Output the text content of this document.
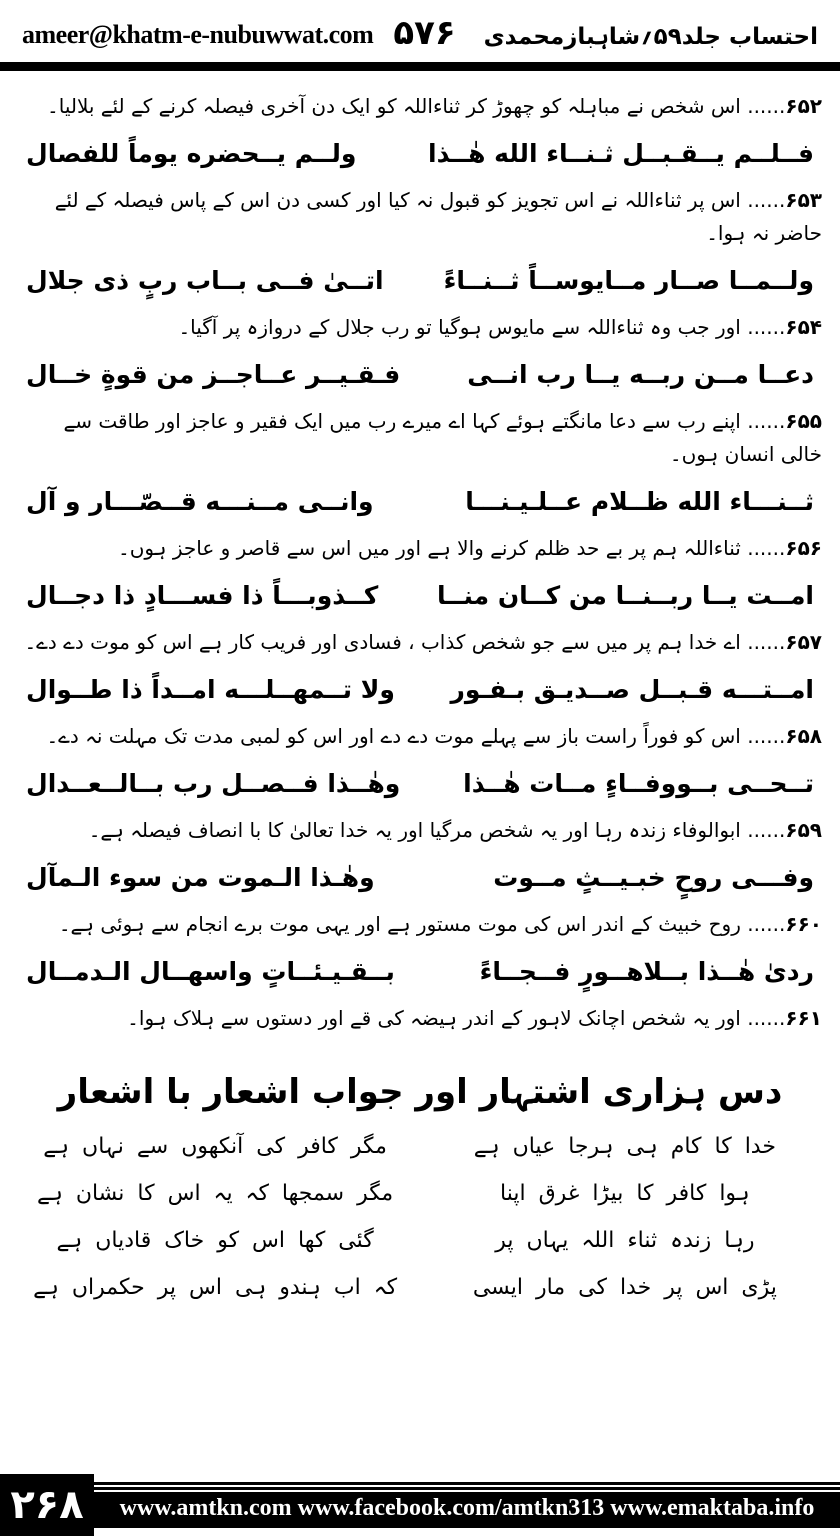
ameer@khatm-e-nubuwwat.com ۵۷۶ احتساب جلد۵۹؍شاہبازمحمدی

۶۵۲...... اس شخص نے مباہلہ کو چھوڑ کر ثناءاللہ کو ایک دن آخری فیصلہ کرنے کے لئے بلالیا۔

فــلــم يــقـبــل ثـنــاء الله هٰــذا
ولــم يــحضره يوماً للفصال

۶۵۳...... اس پر ثناءاللہ نے اس تجویز کو قبول نہ کیا اور کسی دن اس کے پاس فیصلہ کے لئے حاضر نہ ہوا۔

ولــمــا صــار مــايوســاً ثــنــاءً
اتــیٰ فــی بــاب ربٍ ذی جلال

۶۵۴...... اور جب وہ ثناءاللہ سے مایوس ہوگیا تو رب جلال کے دروازہ پر آگیا۔

دعــا مــن ربــه يــا رب انــی
فـقـيــر عــاجــز من قوةٍ خــال

۶۵۵...... اپنے رب سے دعا مانگتے ہوئے کہا اے میرے رب میں ایک فقیر و عاجز اور طاقت سے خالی انسان ہوں۔

ثــنـــاء الله ظــلام عــلـيـنـــا
وانــی مــنـــه قــصّـــار و آل

۶۵۶...... ثناءاللہ ہم پر بے حد ظلم کرنے والا ہے اور میں اس سے قاصر و عاجز ہوں۔

امــت يــا ربــنــا من كــان منــا
كــذوبـــاً ذا فســـادٍ ذا دجــال

۶۵۷...... اے خدا ہم پر میں سے جو شخص کذاب ، فسادی اور فریب کار ہے اس کو موت دے دے۔

امــتـــه قـبــل صــديـق بـفـور
ولا تــمهــلـــه امــداً ذا طــوال

۶۵۸...... اس کو فوراً راست باز سے پہلے موت دے دے اور اس کو لمبی مدت تک مہلت نہ دے۔

تــحــی بــووفــاءٍ مــات هٰــذا
وهٰــذا فــصــل رب بــالــعــدال

۶۵۹...... ابوالوفاء زندہ رہا اور یہ شخص مرگیا اور یہ خدا تعالیٰ کا با انصاف فیصلہ ہے۔

وفـــی روحٍ خبـيــثٍ مــوت
وهٰـذا الـموت من سوء الـمآل

۶۶۰...... روح خبیث کے اندر اس کی موت مستور ہے اور یہی موت برے انجام سے ہوئی ہے۔

ردیٰ هٰــذا بــلاهــورٍ فــجــاءً
بــقـيـئــاتٍ واسهــال الـدمــال

۶۶۱...... اور یہ شخص اچانک لاہور کے اندر ہیضہ کی قے اور دستوں سے ہلاک ہوا۔

دس ہزاری اشتہار اور جواب اشعار با اشعار
خدا کا کام ہی ہرجا عیاں ہے
مگر کافر کی آنکھوں سے نہاں ہے
ہوا کافر کا بیڑا غرق اپنا
مگر سمجھا کہ یہ اس کا نشان ہے
رہا زندہ ثناء اللہ یہاں پر
گئی کھا اس کو خاک قادیاں ہے
پڑی اس پر خدا کی مار ایسی
کہ اب ہندو ہی اس پر حکمراں ہے
۲۶۸	www.amtkn.com www.facebook.com/amtkn313 www.emaktaba.info
